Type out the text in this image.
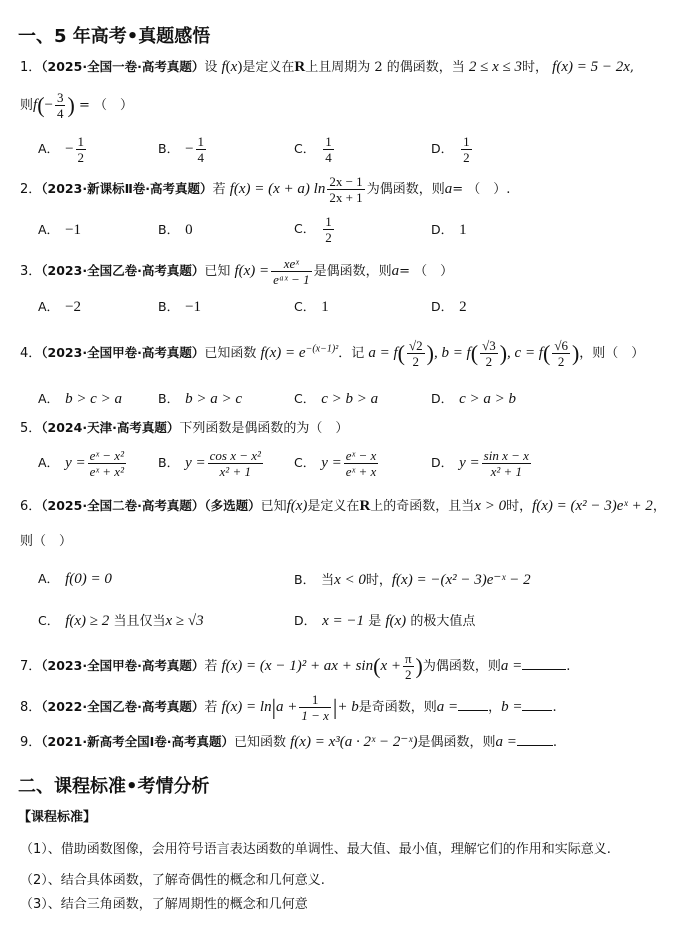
一、5 年高考•真题感悟
1．（2025·全国一卷·高考真题）设 f(x)是定义在R上且周期为 2 的偶函数，当 2 ≤ x ≤ 3时， f(x) = 5 − 2x,
则$f(- \frac{3}{4}$ ) = （　）
A． − $\frac{1}{2}$	B． − $\frac{1}{4}$	C． $\frac{1}{4}$	D． $\frac{1}{2}$
2．（2023·新课标Ⅱ卷·高考真题）若 f(x) = (x + a) $\ln \frac{2x - 1}{2x + 1}$ 为偶函数，则a= （　）.
A． −1	B． 0	C． $\frac{1}{2}$	D． 1
3．（2023·全国乙卷·高考真题）已知 $f(x) = \frac{\text{xeˣ}}{\text{eᵃˣ − 1}}$ 是偶函数，则a= （　）
A． −2	B． −1	C． 1	D． 2
4．（2023·全国甲卷·高考真题）已知函数 $f(x) = e^{-(x-1)^2}$．记 $a = f( \frac{√2}{2}$ ), $b = f( \frac{√3}{2}$ ), $c = f( \frac{√6}{2}$ )，则（　）
A． b > c > a	B． b > a > c	C． c > b > a	D． c > a > b
5．（2024·天津·高考真题）下列函数是偶函数的为（　）
A． $y = \frac{\text{eˣ − x²}}{\text{eˣ + x²}}$	B． $y = \frac{\text{cos x − x²}}{\text{x² + 1}}$ C． $y = \frac{\text{eˣ − x}}{\text{eˣ + x}}$	D． $y = \frac{\text{sin x − x}}{\text{x² + 1}}$
6．（2025·全国二卷·高考真题）（多选题）已知f(x)是定义在R上的奇函数，且当x > 0时，f(x) = (x² − 3)eˣ + 2，
则（　）
A． f(0) = 0	B． 当x < 0时，f(x) = −(x² − 3)e⁻ˣ − 2
C． f(x) ≥ 2 当且仅当x ≥ √3	D． x = −1 是 f(x) 的极大值点
7．（2023·全国甲卷·高考真题）若 f(x) = (x − 1)² + ax + $\sin(x + \frac{\pi}{2}$ )为偶函数，则a =	.
8．（2022·全国乙卷·高考真题）若 $f(x) = \ln|a + \frac{1}{1 - x}$ |+ b是奇函数，则a = ，b = .
9．（2021·新高考全国Ⅰ卷·高考真题）已知函数 f(x) = x³(a · 2ˣ − 2⁻ˣ)是偶函数，则a =	.
二、课程标准•考情分析
【课程标准】
（1）、借助函数图像，会用符号语言表达函数的单调性、最大值、最小值，理解它们的作用和实际意义.
（2）、结合具体函数，了解奇偶性的概念和几何意义.
（3）、结合三角函数，了解周期性的概念和几何意
